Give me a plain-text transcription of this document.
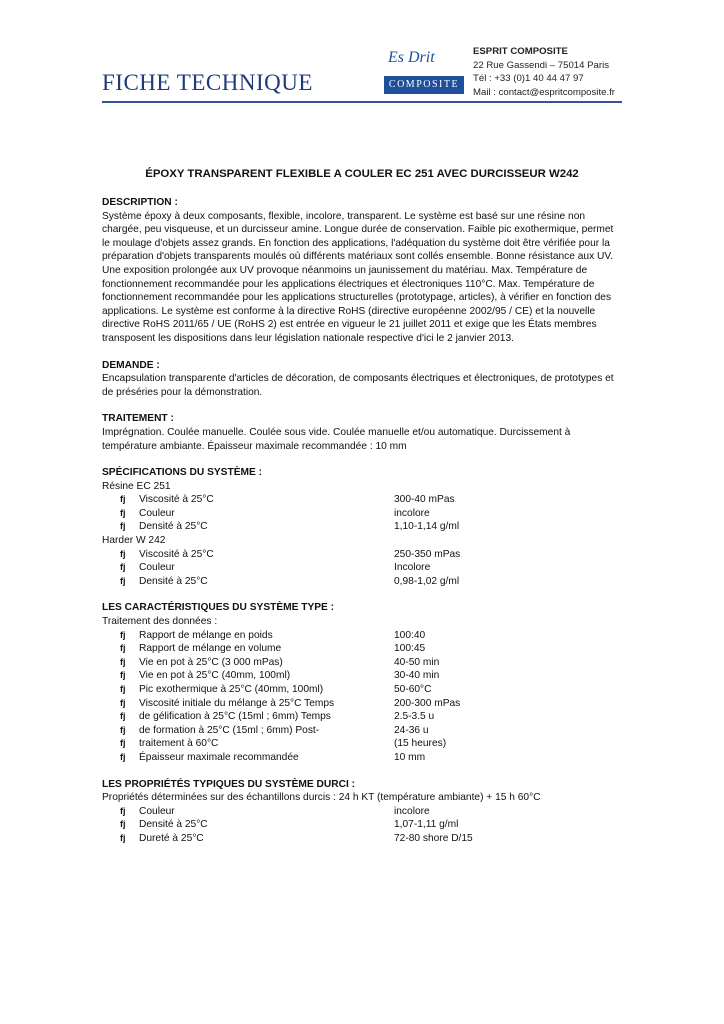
FICHE TECHNIQUE
Es Drit
COMPOSITE
ESPRIT COMPOSITE
22 Rue Gassendi – 75014 Paris
Tél : +33 (0)1 40 44 47 97
Mail : contact@espritcomposite.fr
ÉPOXY TRANSPARENT FLEXIBLE A COULER EC 251 AVEC DURCISSEUR W242
DESCRIPTION :
Système époxy à deux composants, flexible, incolore, transparent. Le système est basé sur une résine non chargée, peu visqueuse, et un durcisseur amine. Longue durée de conservation. Faible pic exothermique, permet le moulage d'objets assez grands. En fonction des applications, l'adéquation du système doit être vérifiée pour la préparation d'objets transparents moulés où différents matériaux sont collés ensemble. Bonne résistance aux UV. Une exposition prolongée aux UV provoque néanmoins un jaunissement du matériau. Max. Température de fonctionnement recommandée pour les applications électriques et électroniques 110°C. Max. Température de fonctionnement recommandée pour les applications structurelles (prototypage, articles), à vérifier en fonction des applications. Le système est conforme à la directive RoHS (directive européenne 2002/95 / CE) et la nouvelle directive RoHS 2011/65 / UE (RoHS 2) est entrée en vigueur le 21 juillet 2011 et exige que les États membres transposent les dispositions dans leur législation nationale respective d'ici le 2 janvier 2013.
DEMANDE :
Encapsulation transparente d'articles de décoration, de composants électriques et électroniques, de prototypes et de préséries pour la démonstration.
TRAITEMENT :
Imprégnation. Coulée manuelle. Coulée sous vide. Coulée manuelle et/ou automatique. Durcissement à température ambiante. Épaisseur maximale recommandée : 10 mm
SPÉCIFICATIONS DU SYSTÈME :
Résine EC 251
fj	Viscosité à 25°C	300-40 mPas
fj	Couleur	incolore
fj	Densité à 25°C	1,10-1,14 g/ml
Harder W 242
fj	Viscosité à 25°C	250-350 mPas
fj	Couleur	Incolore
fj	Densité à 25°C	0,98-1,02 g/ml
LES CARACTÉRISTIQUES DU SYSTÈME TYPE :
Traitement des données :
fj	Rapport de mélange en poids	100:40
fj	Rapport de mélange en volume	100:45
fj	Vie en pot à 25°C (3 000 mPas)	40-50 min
fj	Vie en pot à 25°C (40mm, 100ml)	30-40 min
fj	Pic exothermique à 25°C (40mm, 100ml)	50-60°C
fj	Viscosité initiale du mélange à 25°C Temps	200-300 mPas
fj	de gélification à 25°C (15ml ; 6mm) Temps	2.5-3.5 u
fj	de formation à 25°C (15ml ; 6mm) Post-	24-36 u
fj	traitement à 60°C	(15 heures)
fj	Épaisseur maximale recommandée	10 mm
LES PROPRIÉTÉS TYPIQUES DU SYSTÈME DURCI :
Propriétés déterminées sur des échantillons durcis : 24 h KT (température ambiante) + 15 h 60°C
fj	Couleur	incolore
fj	Densité à 25°C	1,07-1,11 g/ml
fj	Dureté à 25°C	72-80 shore D/15
